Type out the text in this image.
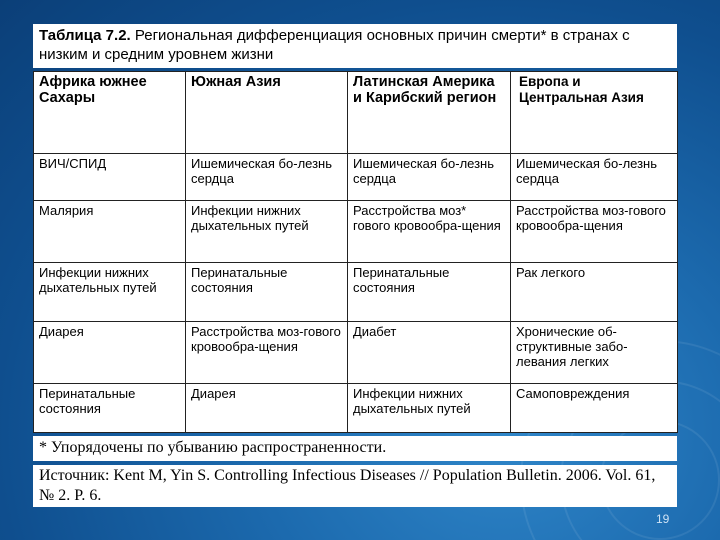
Таблица 7.2. Региональная дифференциация основных причин смерти* в странах с низким и средним уровнем жизни
Африка южнее Сахары	Южная Азия	Латинская Америка и Карибский регион	Европа и Центральная Азия
ВИЧ/СПИД	Ишемическая бо-лезнь сердца	Ишемическая бо-лезнь сердца	Ишемическая бо-лезнь сердца
Малярия	Инфекции нижних дыхательных путей	Расстройства моз* гового кровообра-щения	Расстройства моз-гового кровообра-щения
Инфекции нижних дыхательных путей	Перинатальные состояния	Перинатальные состояния	Рак легкого
Диарея	Расстройства моз-гового кровообра-щения	Диабет	Хронические об-структивные забо-левания легких
Перинатальные состояния	Диарея	Инфекции нижних дыхательных путей	Самоповреждения
* Упорядочены по убыванию распространенности.
Источник: Kent M, Yin S. Controlling Infectious Diseases // Population Bulletin. 2006. Vol. 61, № 2. P. 6.
19
